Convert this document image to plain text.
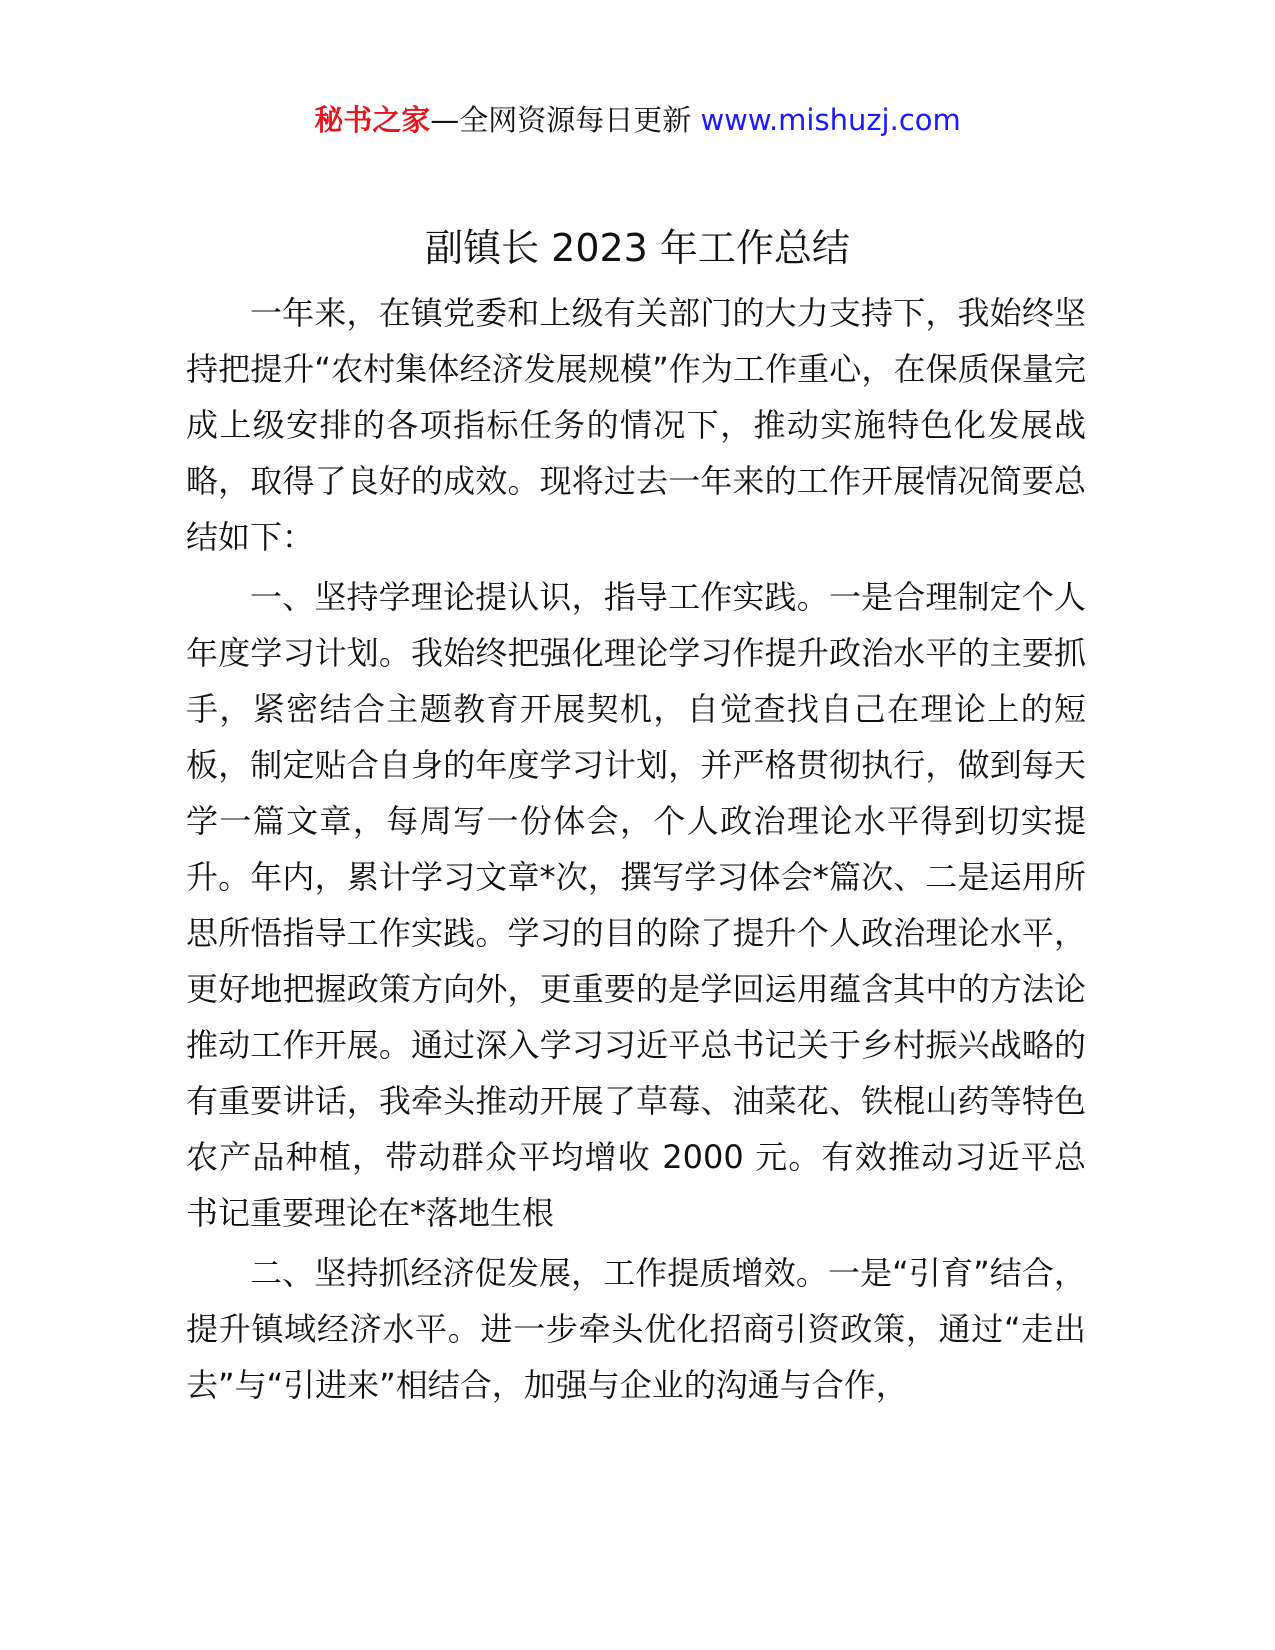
秘书之家—全网资源每日更新 www.mishuzj.com
副镇长 2023 年工作总结

一年来，在镇党委和上级有关部门的大力支持下，我始终坚持把提升“农村集体经济发展规模”作为工作重心，在保质保量完成上级安排的各项指标任务的情况下，推动实施特色化发展战略，取得了良好的成效。现将过去一年来的工作开展情况简要总结如下：

一、坚持学理论提认识，指导工作实践。一是合理制定个人年度学习计划。我始终把强化理论学习作提升政治水平的主要抓手，紧密结合主题教育开展契机，自觉查找自己在理论上的短板，制定贴合自身的年度学习计划，并严格贯彻执行，做到每天学一篇文章，每周写一份体会，个人政治理论水平得到切实提升。年内，累计学习文章*次，撰写学习体会*篇次、二是运用所思所悟指导工作实践。学习的目的除了提升个人政治理论水平，更好地把握政策方向外，更重要的是学回运用蕴含其中的方法论推动工作开展。通过深入学习习近平总书记关于乡村振兴战略的有重要讲话，我牵头推动开展了草莓、油菜花、铁棍山药等特色农产品种植，带动群众平均增收 2000 元。有效推动习近平总书记重要理论在*落地生根

二、坚持抓经济促发展，工作提质增效。一是“引育”结合，提升镇域经济水平。进一步牵头优化招商引资政策，通过“走出去”与“引进来”相结合，加强与企业的沟通与合作，
